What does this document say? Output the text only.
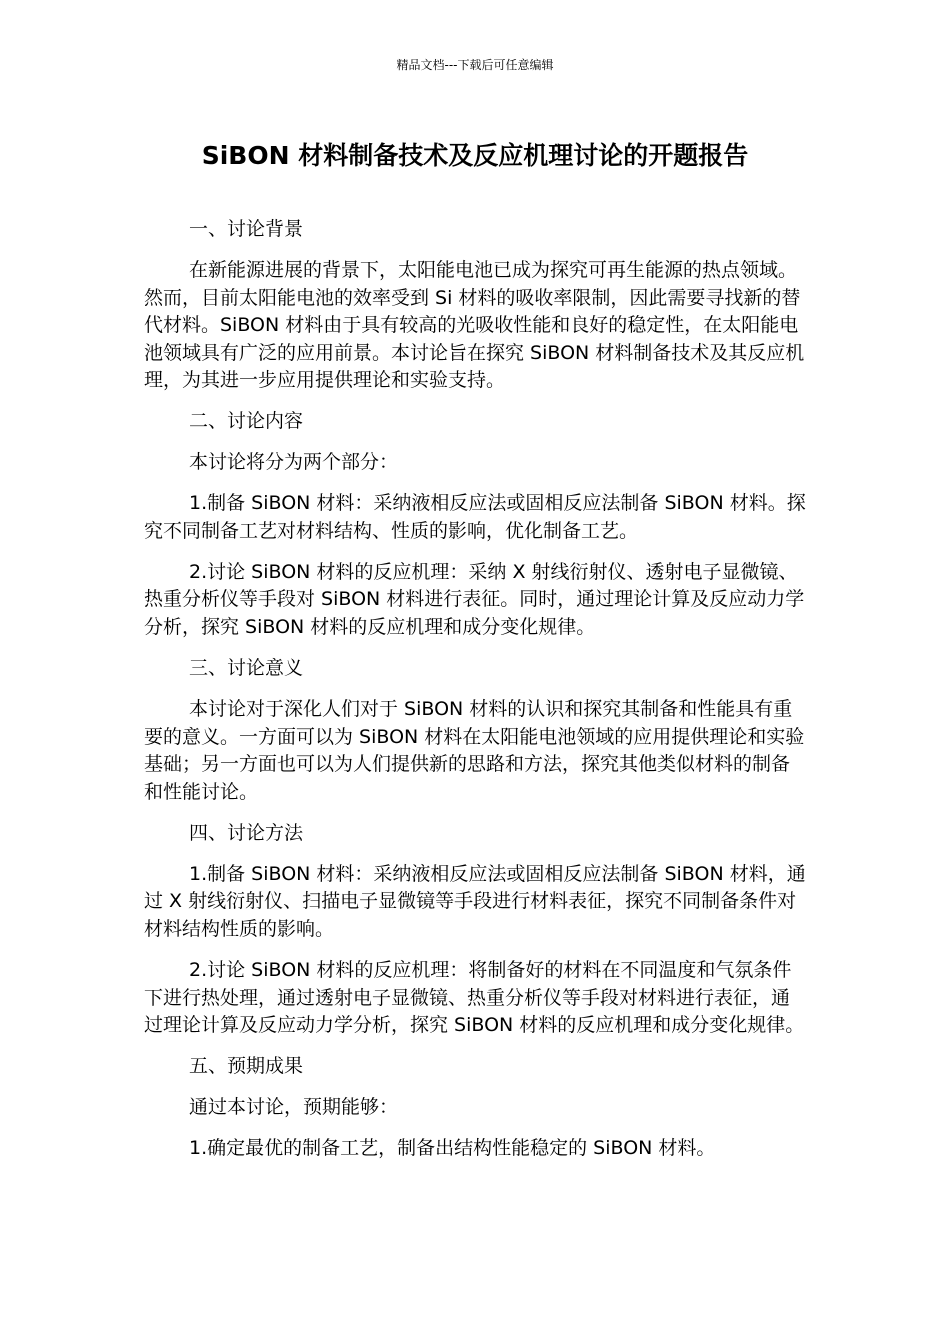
精品文档---下载后可任意编辑
SiBON 材料制备技术及反应机理讨论的开题报告

一、讨论背景

在新能源进展的背景下，太阳能电池已成为探究可再生能源的热点领域。然而，目前太阳能电池的效率受到 Si 材料的吸收率限制，因此需要寻找新的替代材料。SiBON 材料由于具有较高的光吸收性能和良好的稳定性，在太阳能电池领域具有广泛的应用前景。本讨论旨在探究 SiBON 材料制备技术及其反应机理，为其进一步应用提供理论和实验支持。

二、讨论内容

本讨论将分为两个部分：

1.制备 SiBON 材料：采纳液相反应法或固相反应法制备 SiBON 材料。探究不同制备工艺对材料结构、性质的影响，优化制备工艺。

2.讨论 SiBON 材料的反应机理：采纳 X 射线衍射仪、透射电子显微镜、热重分析仪等手段对 SiBON 材料进行表征。同时，通过理论计算及反应动力学分析，探究 SiBON 材料的反应机理和成分变化规律。

三、讨论意义

本讨论对于深化人们对于 SiBON 材料的认识和探究其制备和性能具有重要的意义。一方面可以为 SiBON 材料在太阳能电池领域的应用提供理论和实验基础；另一方面也可以为人们提供新的思路和方法，探究其他类似材料的制备和性能讨论。

四、讨论方法

1.制备 SiBON 材料：采纳液相反应法或固相反应法制备 SiBON 材料，通过 X 射线衍射仪、扫描电子显微镜等手段进行材料表征，探究不同制备条件对材料结构性质的影响。

2.讨论 SiBON 材料的反应机理：将制备好的材料在不同温度和气氛条件下进行热处理，通过透射电子显微镜、热重分析仪等手段对材料进行表征，通过理论计算及反应动力学分析，探究 SiBON 材料的反应机理和成分变化规律。

五、预期成果

通过本讨论，预期能够：

1.确定最优的制备工艺，制备出结构性能稳定的 SiBON 材料。
